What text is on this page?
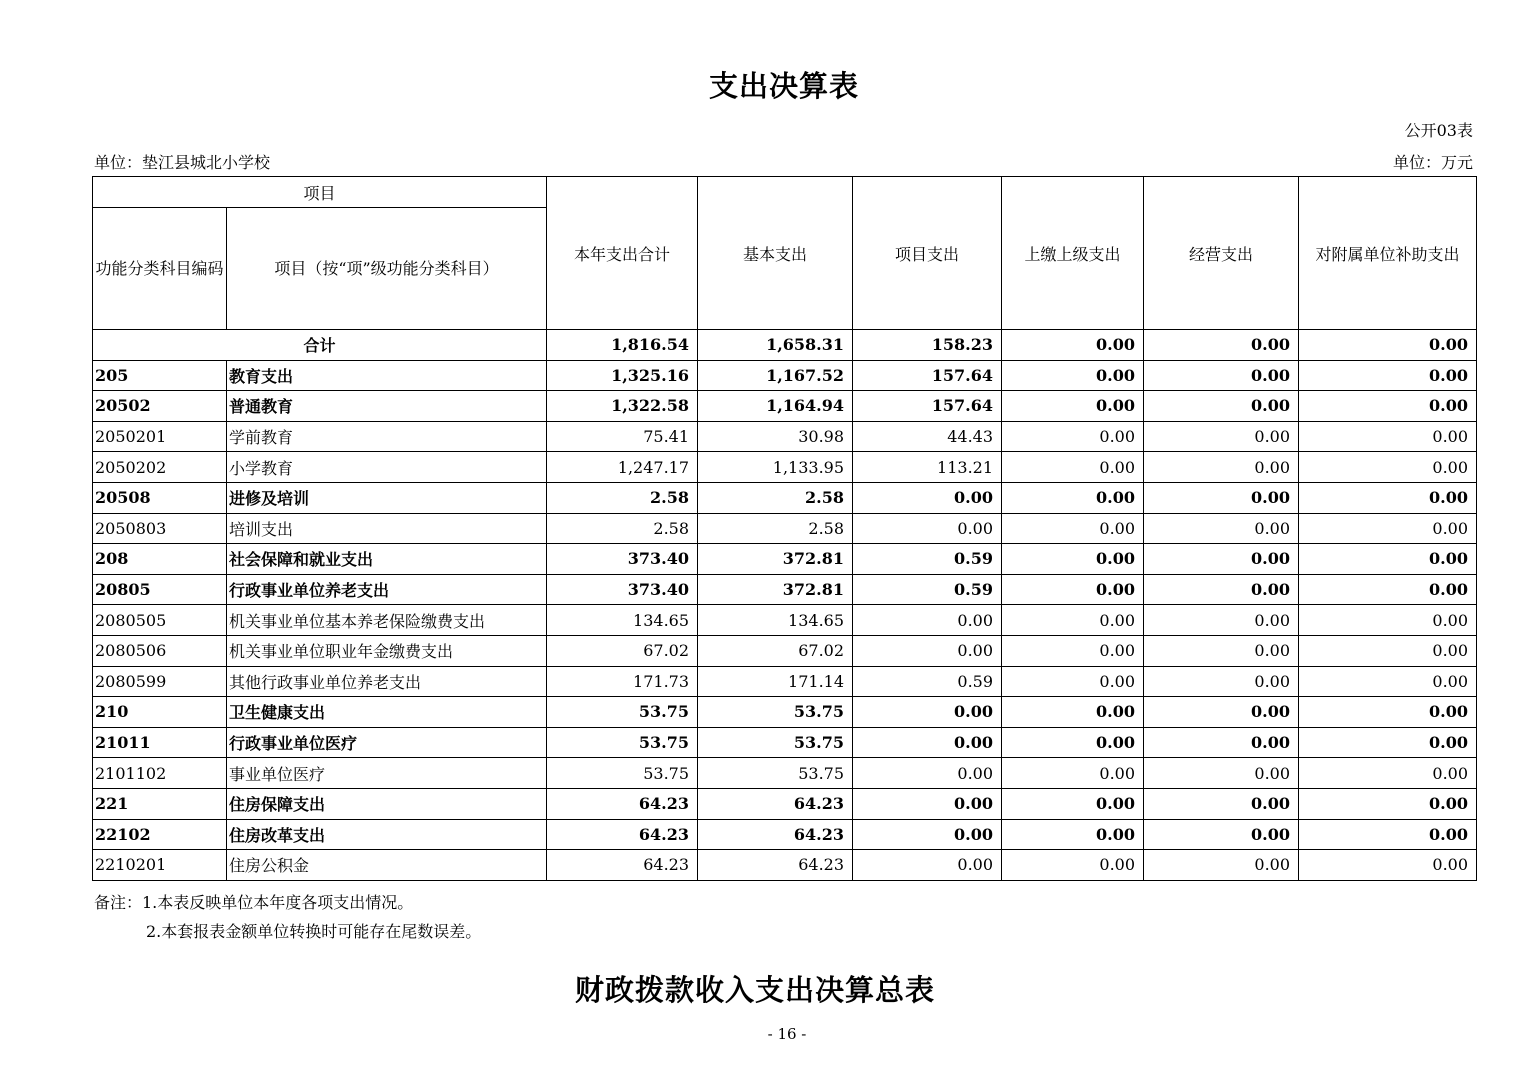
支出决算表
公开03表
单位：垫江县城北小学校	单位：万元
项目		本年支出合计	基本支出	项目支出	上缴上级支出	经营支出	对附属单位补助支出
功能分类科目编码	项目（按“项”级功能分类科目）						
合计		1,816.54	1,658.31	158.23	0.00	0.00	0.00
205	教育支出	1,325.16	1,167.52	157.64	0.00	0.00	0.00
20502	普通教育	1,322.58	1,164.94	157.64	0.00	0.00	0.00
2050201	学前教育	75.41	30.98	44.43	0.00	0.00	0.00
2050202	小学教育	1,247.17	1,133.95	113.21	0.00	0.00	0.00
20508	进修及培训	2.58	2.58	0.00	0.00	0.00	0.00
2050803	培训支出	2.58	2.58	0.00	0.00	0.00	0.00
208	社会保障和就业支出	373.40	372.81	0.59	0.00	0.00	0.00
20805	行政事业单位养老支出	373.40	372.81	0.59	0.00	0.00	0.00
2080505	机关事业单位基本养老保险缴费支出	134.65	134.65	0.00	0.00	0.00	0.00
2080506	机关事业单位职业年金缴费支出	67.02	67.02	0.00	0.00	0.00	0.00
2080599	其他行政事业单位养老支出	171.73	171.14	0.59	0.00	0.00	0.00
210	卫生健康支出	53.75	53.75	0.00	0.00	0.00	0.00
21011	行政事业单位医疗	53.75	53.75	0.00	0.00	0.00	0.00
2101102	事业单位医疗	53.75	53.75	0.00	0.00	0.00	0.00
221	住房保障支出	64.23	64.23	0.00	0.00	0.00	0.00
22102	住房改革支出	64.23	64.23	0.00	0.00	0.00	0.00
2210201	住房公积金	64.23	64.23	0.00	0.00	0.00	0.00
备注：1.本表反映单位本年度各项支出情况。
2.本套报表金额单位转换时可能存在尾数误差。
财政拨款收入支出决算总表
- 16 -
